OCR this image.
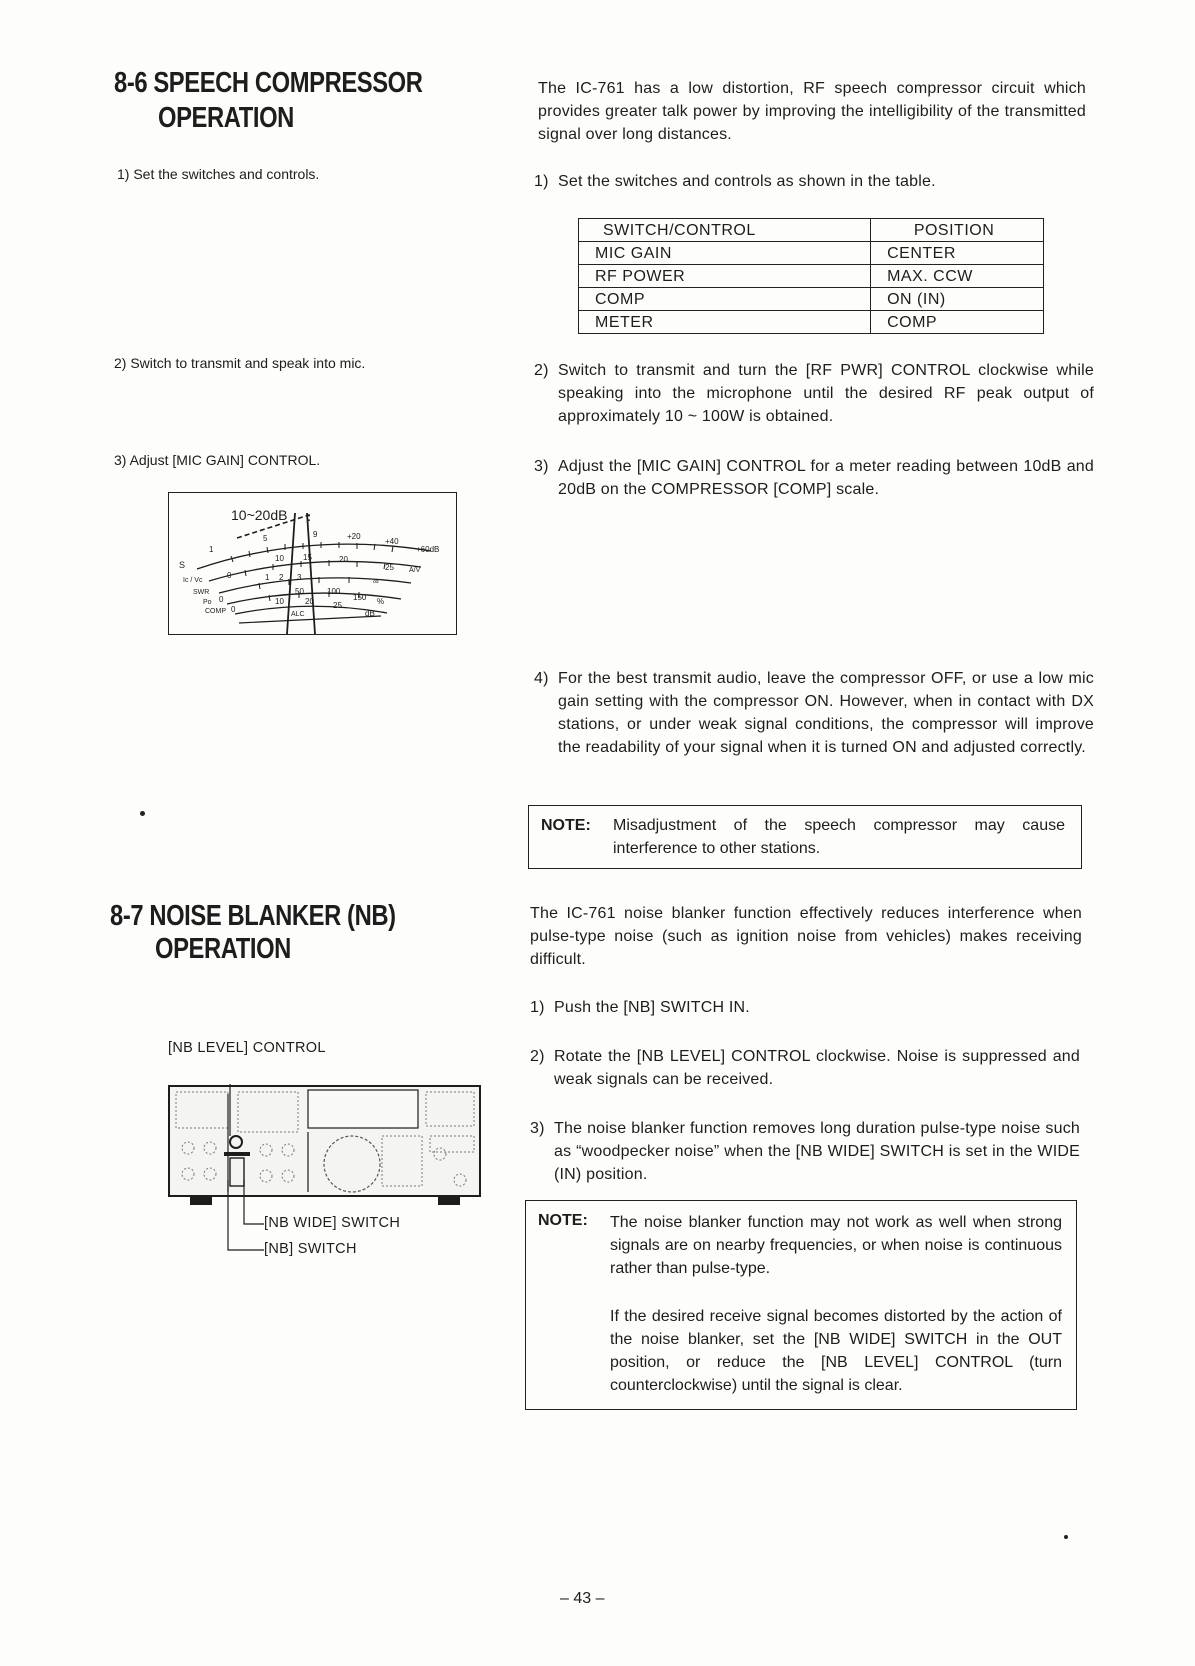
8-6 SPEECH COMPRESSOR
OPERATION
1) Set the switches and controls.
2) Switch to transmit and speak into mic.
3) Adjust [MIC GAIN] CONTROL.
10~20dB
S
1
5	9	+20
+40
+60dB
Ic / Vc
0
10 15	20
25 A/V
SWR
1 2 3	∞
Po 0
50	100
150 %
COMP 0
10	20 25
dB
ALC
8-7 NOISE BLANKER (NB)
OPERATION
[NB LEVEL] CONTROL
[NB WIDE] SWITCH
[NB] SWITCH
The IC-761 has a low distortion, RF speech compressor circuit which provides greater talk power by improving the intelligibility of the transmitted signal over long distances.
1) Set the switches and controls as shown in the table.
SWITCH/CONTROL	POSITION
MIC GAIN	CENTER
RF POWER	MAX. CCW
COMP	ON (IN)
METER	COMP
2) Switch to transmit and turn the [RF PWR] CONTROL clockwise while speaking into the microphone until the desired RF peak output of approximately 10 ~ 100W is obtained.
3) Adjust the [MIC GAIN] CONTROL for a meter reading between 10dB and 20dB on the COMPRESSOR [COMP] scale.
4) For the best transmit audio, leave the compressor OFF, or use a low mic gain setting with the compressor ON. However, when in contact with DX stations, or under weak signal conditions, the compressor will improve the readability of your signal when it is turned ON and adjusted correctly.
NOTE: Misadjustment of the speech compressor may cause interference to other stations.
The IC-761 noise blanker function effectively reduces interference when pulse-type noise (such as ignition noise from vehicles) makes receiving difficult.
1) Push the [NB] SWITCH IN.
2) Rotate the [NB LEVEL] CONTROL clockwise. Noise is suppressed and weak signals can be received.
3) The noise blanker function removes long duration pulse-type noise such as “woodpecker noise” when the [NB WIDE] SWITCH is set in the WIDE (IN) position.
NOTE: The noise blanker function may not work as well when strong signals are on nearby frequencies, or when noise is continuous rather than pulse-type.
If the desired receive signal becomes distorted by the action of the noise blanker, set the [NB WIDE] SWITCH in the OUT position, or reduce the [NB LEVEL] CONTROL (turn counterclockwise) until the signal is clear.
– 43 –
